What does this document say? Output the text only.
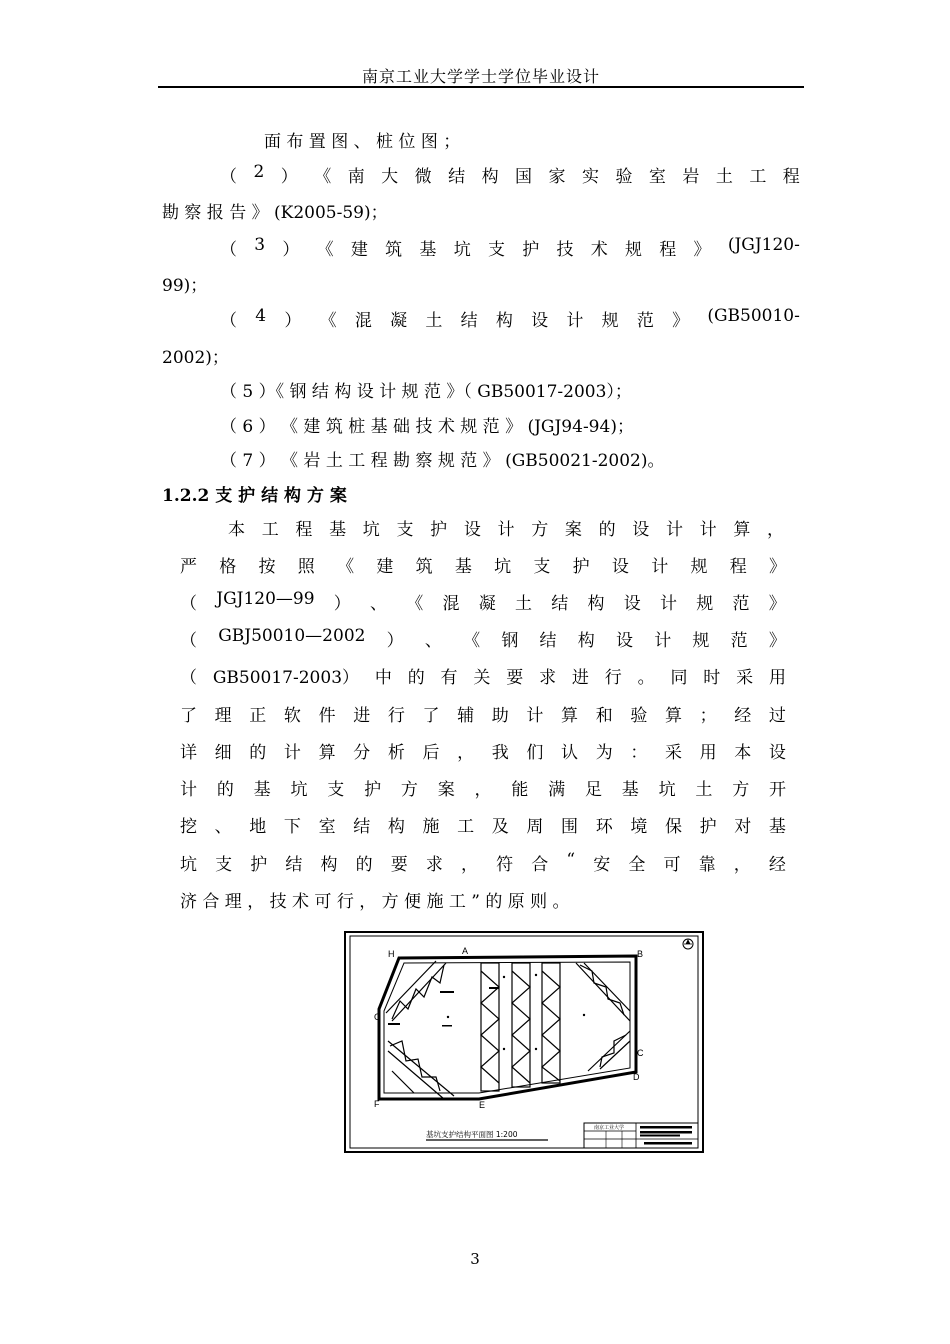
南京工业大学学士学位毕业设计
面 布 置 图 、 桩 位 图 ；
（ 2 ） 《 南 大 微 结 构 国 家 实 验 室 岩 土 工 程
勘 察 报 告 》 (K2005-59)；
（ 3 ） 《 建 筑 基 坑 支 护 技 术 规 程 》 (JGJ120-
99)；
（ 4 ） 《 混 凝 土 结 构 设 计 规 范 》 (GB50010-
2002)；
（ 5 ）《 钢 结 构 设 计 规 范 》（ GB50017-2003）；
（ 6 ） 《 建 筑 桩 基 础 技 术 规 范 》 (JGJ94-94)；
（ 7 ） 《 岩 土 工 程 勘 察 规 范 》 (GB50021-2002)。
1.2.2 支 护 结 构 方 案
本 工 程 基 坑 支 护 设 计 方 案 的 设 计 计 算 ，
严 格 按 照 《 建 筑 基 坑 支 护 设 计 规 程 》
（ JGJ120—99 ） 、 《 混 凝 土 结 构 设 计 规 范 》
（ GBJ50010—2002 ） 、 《 钢 结 构 设 计 规 范 》
（ GB50017-2003） 中 的 有 关 要 求 进 行 。 同 时 采 用
了 理 正 软 件 进 行 了 辅 助 计 算 和 验 算 ； 经 过
详 细 的 计 算 分 析 后 ， 我 们 认 为 ： 采 用 本 设
计 的 基 坑 支 护 方 案 ， 能 满 足 基 坑 土 方 开
挖 、 地 下 室 结 构 施 工 及 周 围 环 境 保 护 对 基
坑 支 护 结 构 的 要 求 ， 符 合 “ 安 全 可 靠 ， 经
济 合 理 ， 技 术 可 行 ， 方 便 施 工 ” 的 原 则 。
H	A	B
C
D
E
F
G
基坑支护结构平面图 1:200
南京工业大学
3
